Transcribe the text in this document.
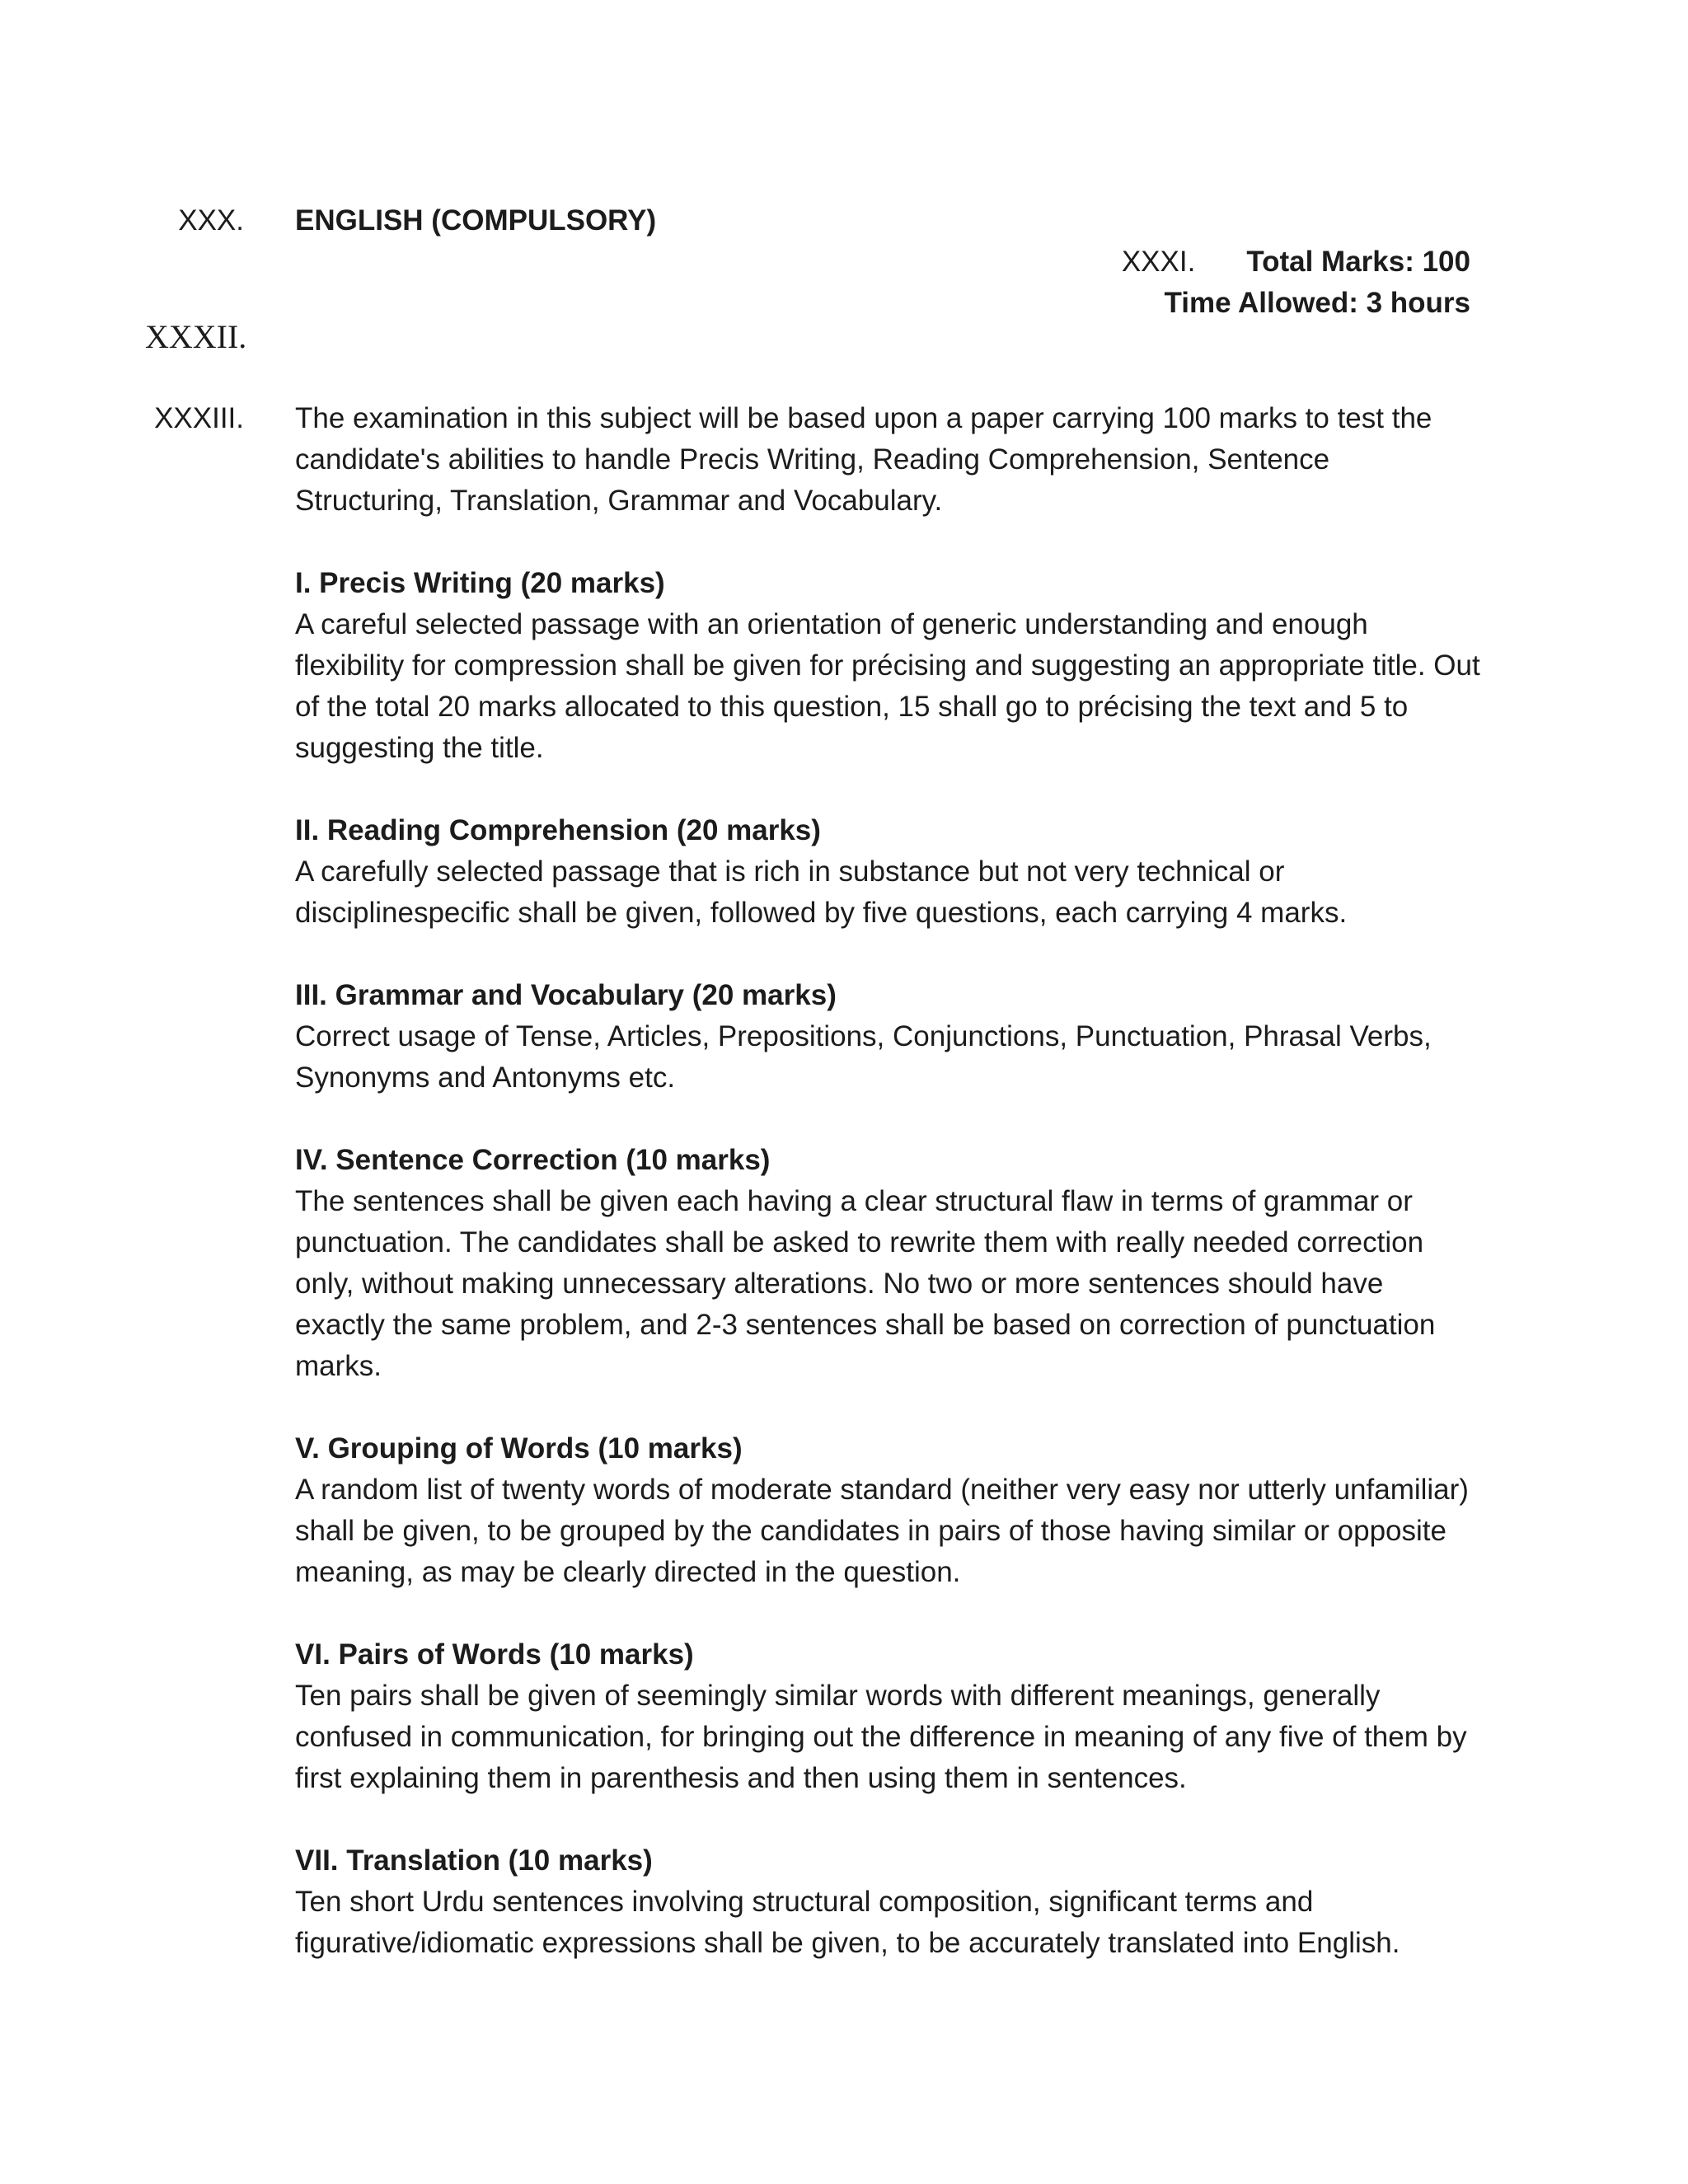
XXX. ENGLISH (COMPULSORY)
XXXI. Total Marks: 100
Time Allowed: 3 hours
XXXII.
XXXIII. The examination in this subject will be based upon a paper carrying 100 marks to test the
candidate's abilities to handle Precis Writing, Reading Comprehension, Sentence
Structuring, Translation, Grammar and Vocabulary.
I. Precis Writing (20 marks)
A careful selected passage with an orientation of generic understanding and enough
flexibility for compression shall be given for précising and suggesting an appropriate title. Out
of the total 20 marks allocated to this question, 15 shall go to précising the text and 5 to
suggesting the title.
II. Reading Comprehension (20 marks)
A carefully selected passage that is rich in substance but not very technical or
disciplinespecific shall be given, followed by five questions, each carrying 4 marks.
III. Grammar and Vocabulary (20 marks)
Correct usage of Tense, Articles, Prepositions, Conjunctions, Punctuation, Phrasal Verbs,
Synonyms and Antonyms etc.
IV. Sentence Correction (10 marks)
The sentences shall be given each having a clear structural flaw in terms of grammar or
punctuation. The candidates shall be asked to rewrite them with really needed correction
only, without making unnecessary alterations. No two or more sentences should have
exactly the same problem, and 2-3 sentences shall be based on correction of punctuation
marks.
V. Grouping of Words (10 marks)
A random list of twenty words of moderate standard (neither very easy nor utterly unfamiliar)
shall be given, to be grouped by the candidates in pairs of those having similar or opposite
meaning, as may be clearly directed in the question.
VI. Pairs of Words (10 marks)
Ten pairs shall be given of seemingly similar words with different meanings, generally
confused in communication, for bringing out the difference in meaning of any five of them by
first explaining them in parenthesis and then using them in sentences.
VII. Translation (10 marks)
Ten short Urdu sentences involving structural composition, significant terms and
figurative/idiomatic expressions shall be given, to be accurately translated into English.
